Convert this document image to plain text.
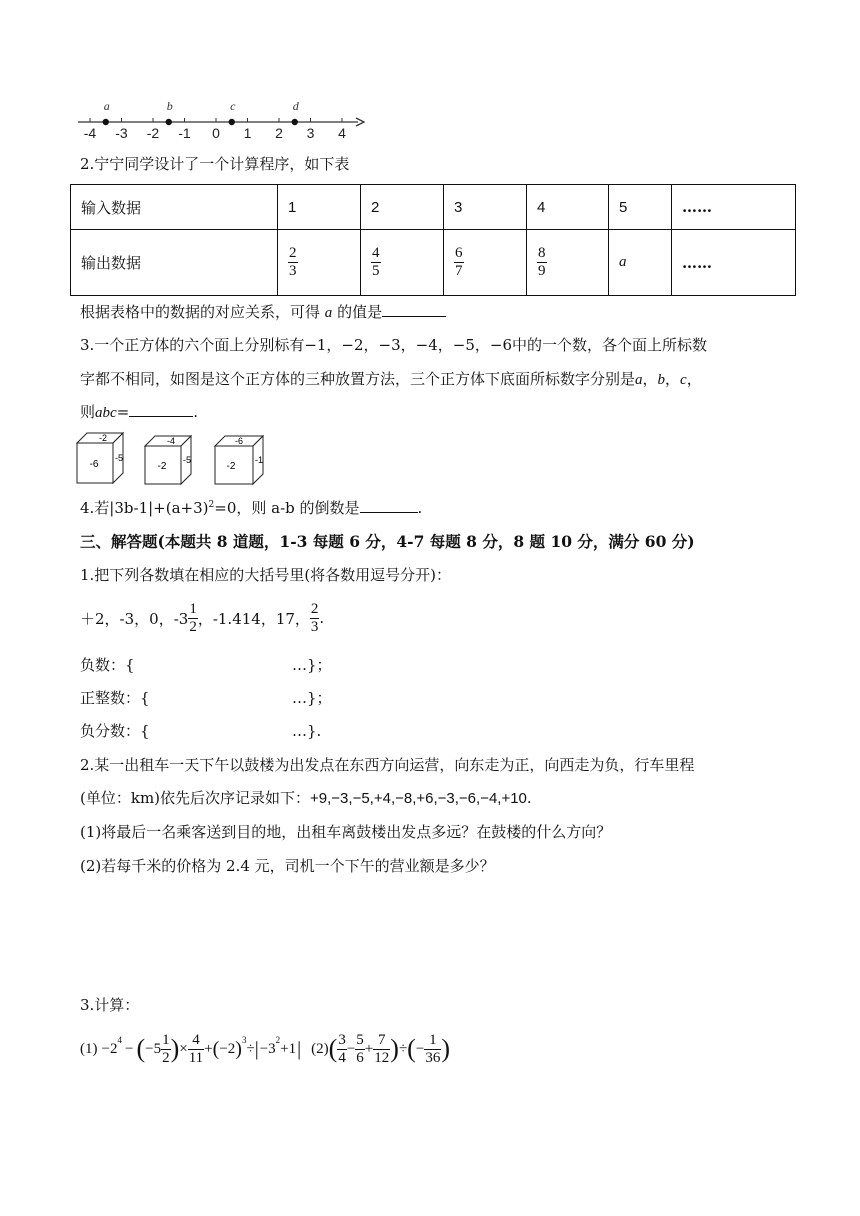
-4 -3 -2 -1 0 1 2 3 4
a	b	c	d
2.宁宁同学设计了一个计算程序，如下表
输入数据	1	2	3	4	5	……
输出数据	$\frac{2}{3}$	$\frac{4}{5}$	$\frac{6}{7}$	$\frac{8}{9}$	a	……
根据表格中的数据的对应关系，可得 a 的值是
3.一个正方体的六个面上分别标有−1，−2，−3，−4，−5，−6中的一个数，各个面上所标数
字都不相同，如图是这个正方体的三种放置方法，三个正方体下底面所标数字分别是a，b，c，
则abc=	.
-2
-6
-5
-4
-2
-5
-6
-2
-1
4.若$|3b-1|+(a+3)^2=0$，则 a-b 的倒数是	.
三、解答题(本题共 8 道题，1-3 每题 6 分，4-7 每题 8 分，8 题 10 分，满分 60 分)
1.把下列各数填在相应的大括号里(将各数用逗号分开)：
＋2，-3，0，$-3 \frac{1}{2}$ ，-1.414，17， $\frac{2}{3}$ .
负数：{	…}；
正整数：{	…}；
负分数：{	…}.
2.某一出租车一天下午以鼓楼为出发点在东西方向运营，向东走为正，向西走为负，行车里程
(单位：km)依先后次序记录如下：+9,−3,−5,+4,−8,+6,−3,−6,−4,+10.
(1)将最后一名乘客送到目的地，出租车离鼓楼出发点多远？在鼓楼的什么方向？
(2)若每千米的价格为 2.4 元，司机一个下午的营业额是多少？
3.计算：
(1) −2
$^4$
− ( $-5 \frac{1}{2}$ ) × $\frac{4}{11}$ + ( −2 )$^3$
÷ | −3
$^2$
+1 | (2) ( $\frac{3}{4} - \frac{5}{6} + \frac{7}{12}$ ) ÷ ( − $\frac{1}{36}$ )
